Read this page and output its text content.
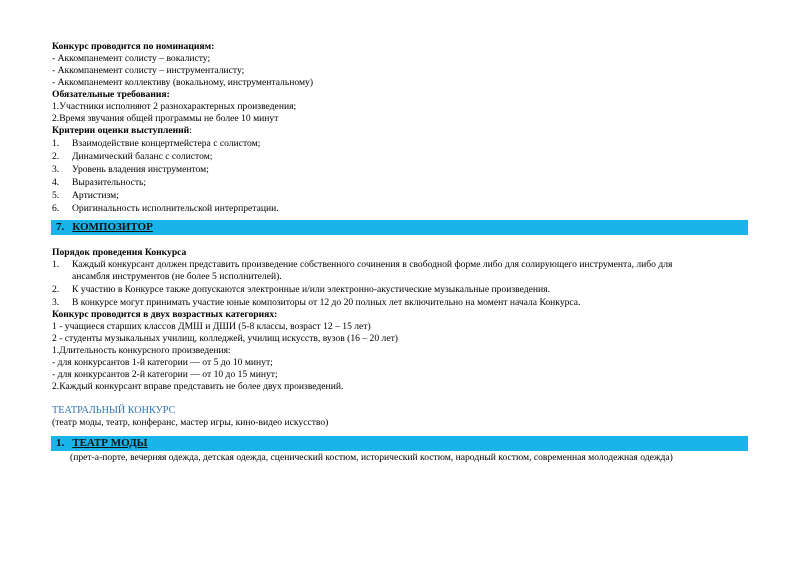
Конкурс проводится по номинациям:
- Аккомпанемент солисту – вокалисту;
- Аккомпанемент солисту – инструменталисту;
- Аккомпанемент коллективу (вокальному, инструментальному)
Обязательные требования:
1.Участники исполняют 2 разнохарактерных произведения;
2.Время звучания общей программы не более 10 минут
Критерии оценки выступлений:
1. Взаимодействие концертмейстера с солистом;
2. Динамический баланс с солистом;
3. Уровень владения инструментом;
4. Выразительность;
5. Артистизм;
6. Оригинальность исполнительской интерпретации.
7. КОМПОЗИТОР
Порядок проведения Конкурса
1. Каждый конкурсант должен представить произведение собственного сочинения в свободной форме либо для солирующего инструмента, либо для
ансамбля инструментов (не более 5 исполнителей).
2. К участию в Конкурсе также допускаются электронные и/или электронно-акустические музыкальные произведения.
3. В конкурсе могут принимать участие юные композиторы от 12 до 20 полных лет включительно на момент начала Конкурса.
Конкурс проводится в двух возрастных категориях:
1 - учащиеся старших классов ДМШ и ДШИ (5-8 классы, возраст 12 – 15 лет)
2 - студенты музыкальных училищ, колледжей, училищ искусств, вузов (16 – 20 лет)
1.Длительность конкурсного произведения:
- для конкурсантов 1-й категории — от 5 до 10 минут;
- для конкурсантов 2-й категории — от 10 до 15 минут;
2.Каждый конкурсант вправе представить не более двух произведений.
ТЕАТРАЛЬНЫЙ КОНКУРС
(театр моды, театр, конферанс, мастер игры, кино-видео искусство)
1. ТЕАТР МОДЫ
(прет-а-порте, вечерняя одежда, детская одежда, сценический костюм, исторический костюм, народный костюм, современная молодежная одежда)
